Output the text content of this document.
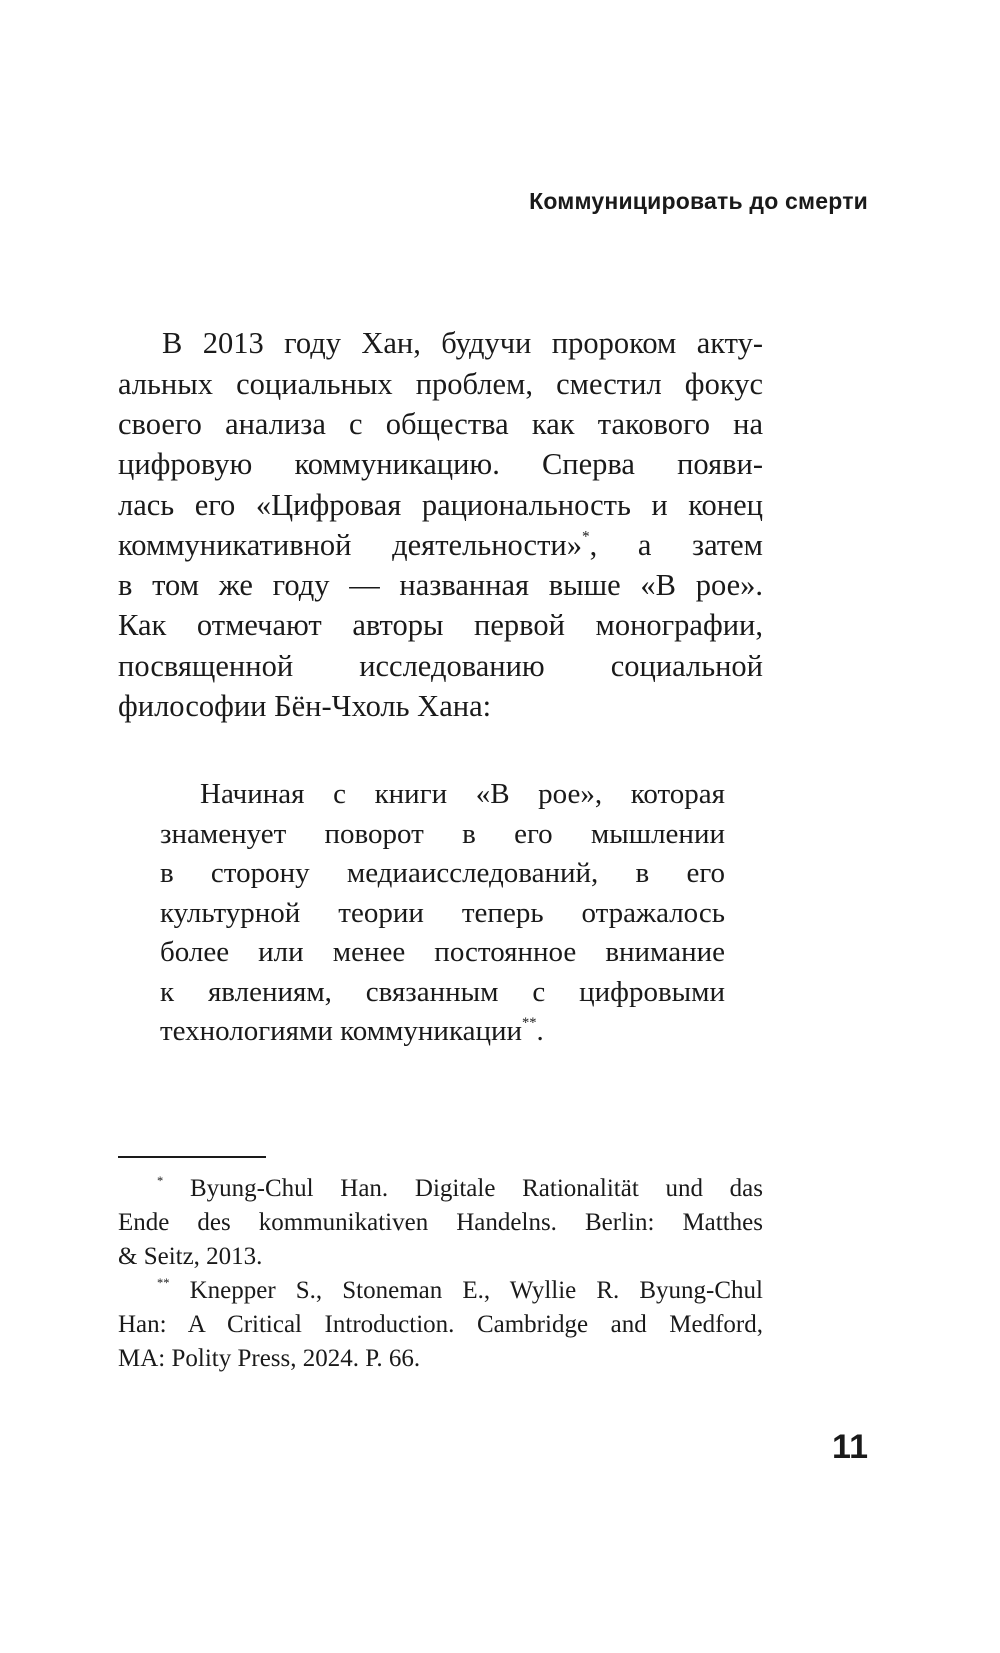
Коммуницировать до смерти
В 2013 году Хан, будучи пророком акту-
альных социальных проблем, сместил фокус
своего анализа с общества как такового на
цифровую коммуникацию. Сперва появи-
лась его «Цифровая рациональность и конец
коммуникативной деятельности»*, а затем
в том же году — названная выше «В рое».
Как отмечают авторы первой монографии,
посвященной исследованию социальной
философии Бён-Чхоль Хана:
Начиная с книги «В рое», которая
знаменует поворот в его мышлении
в сторону медиаисследований, в его
культурной теории теперь отражалось
более или менее постоянное внимание
к явлениям, связанным с цифровыми
технологиями коммуникации**.
* Byung-Chul Han. Digitale Rationalität und das
Ende des kommunikativen Handelns. Berlin: Matthes
& Seitz, 2013.
** Knepper S., Stoneman E., Wyllie R. Byung-Chul
Han: A Critical Introduction. Cambridge and Medford,
MA: Polity Press, 2024. P. 66.
11
